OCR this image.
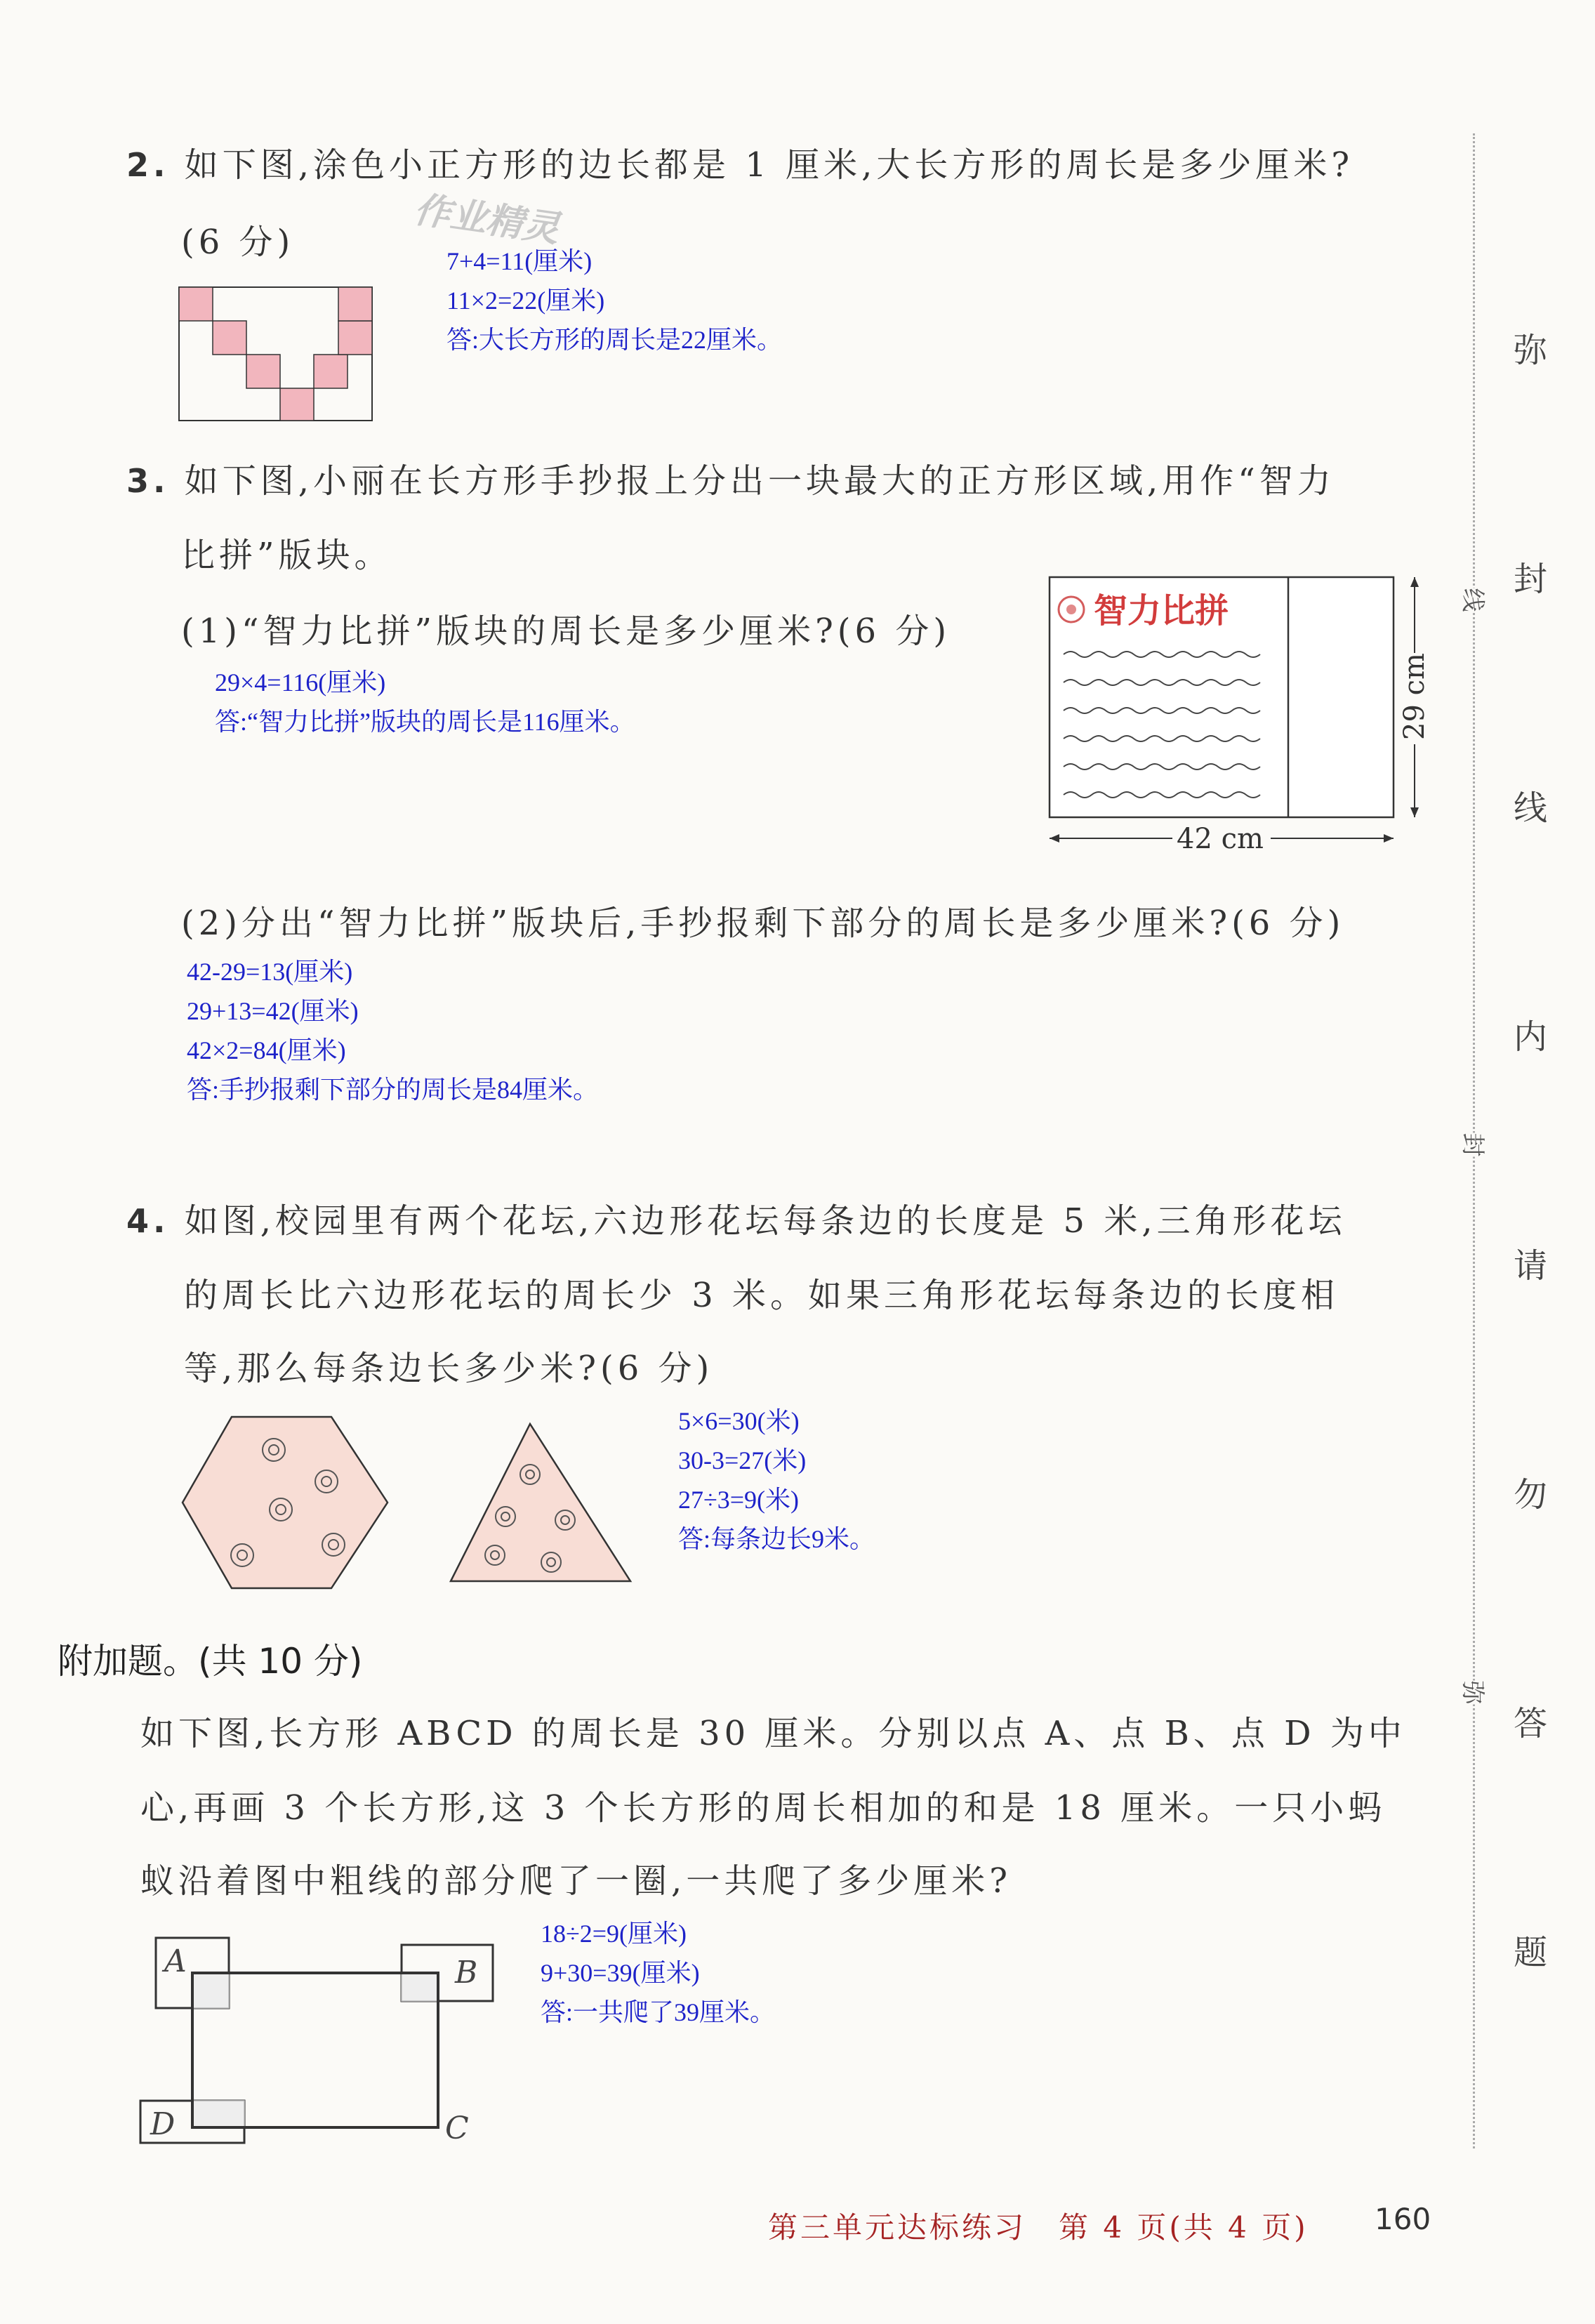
2. 如下图,涂色小正方形的边长都是 1 厘米,大长方形的周长是多少厘米?
(6 分)	作业精灵
7+4=11(厘米)
11×2=22(厘米)
答:大长方形的周长是22厘米。
3. 如下图,小丽在长方形手抄报上分出一块最大的正方形区域,用作“智力
比拼”版块。
(1)“智力比拼”版块的周长是多少厘米?(6 分)
29×4=116(厘米)
答:“智力比拼”版块的周长是116厘米。
智力比拼
29 cm
42 cm
(2)分出“智力比拼”版块后,手抄报剩下部分的周长是多少厘米?(6 分)
42-29=13(厘米)
29+13=42(厘米)
42×2=84(厘米)
答:手抄报剩下部分的周长是84厘米。
4. 如图,校园里有两个花坛,六边形花坛每条边的长度是 5 米,三角形花坛
的周长比六边形花坛的周长少 3 米。如果三角形花坛每条边的长度相
等,那么每条边长多少米?(6 分)
5×6=30(米)
30-3=27(米)
27÷3=9(米)
答:每条边长9米。
附加题。(共 10 分)
如下图,长方形 ABCD 的周长是 30 厘米。分别以点 A、点 B、点 D 为中
心,再画 3 个长方形,这 3 个长方形的周长相加的和是 18 厘米。一只小蚂
蚁沿着图中粗线的部分爬了一圈,一共爬了多少厘米?
A	B
C
D
18÷2=9(厘米)
9+30=39(厘米)
答:一共爬了39厘米。
弥
封
线
内
请
勿
答
题
线
封
弥
第三单元达标练习　第 4 页(共 4 页) 160
